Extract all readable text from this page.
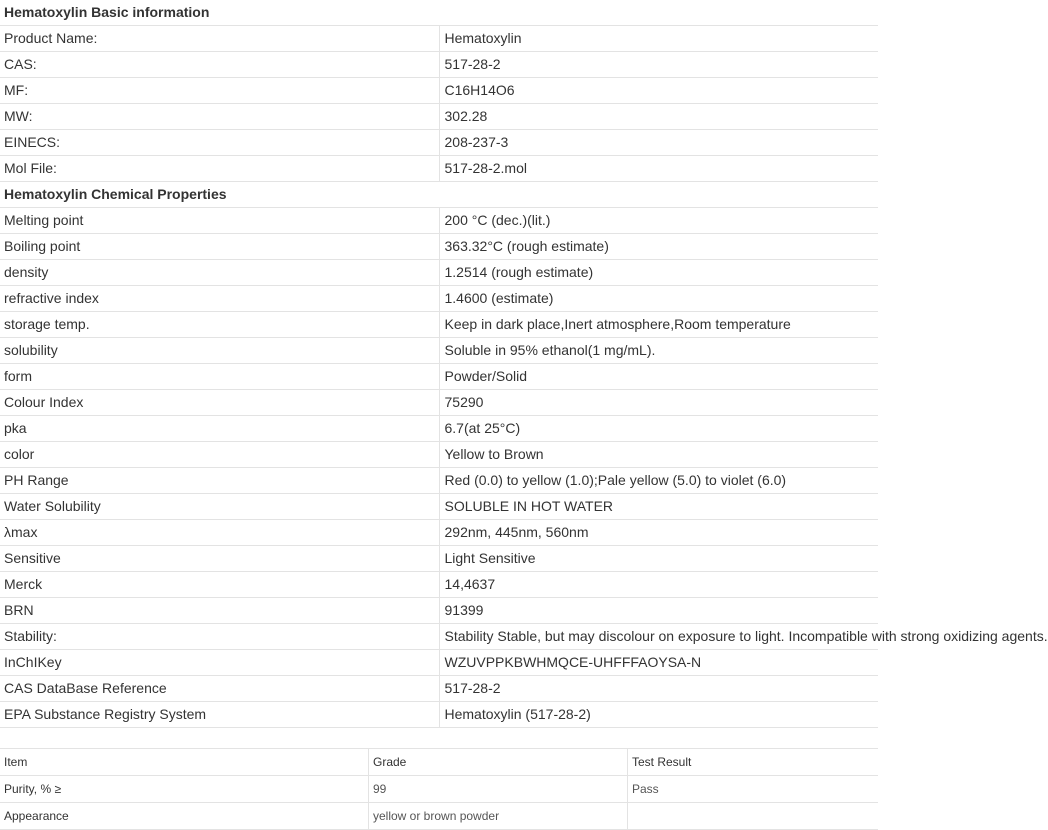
Hematoxylin Basic information	
Product Name:	Hematoxylin
CAS:	517-28-2
MF:	C16H14O6
MW:	302.28
EINECS:	208-237-3
Mol File:	517-28-2.mol
Hematoxylin Chemical Properties	
Melting point	200 °C (dec.)(lit.)
Boiling point	363.32°C (rough estimate)
density	1.2514 (rough estimate)
refractive index	1.4600 (estimate)
storage temp.	Keep in dark place,Inert atmosphere,Room temperature
solubility	Soluble in 95% ethanol(1 mg/mL).
form	Powder/Solid
Colour Index	75290
pka	6.7(at 25°C)
color	Yellow to Brown
PH Range	Red (0.0) to yellow (1.0);Pale yellow (5.0) to violet (6.0)
Water Solubility	SOLUBLE IN HOT WATER
λmax	292nm, 445nm, 560nm
Sensitive	Light Sensitive
Merck	14,4637
BRN	91399
Stability:	Stability Stable, but may discolour on exposure to light. Incompatible with strong oxidizing agents.
InChIKey	WZUVPPKBWHMQCE-UHFFFAOYSA-N
CAS DataBase Reference	517-28-2
EPA Substance Registry System	Hematoxylin (517-28-2)
Item	Grade	Test Result
Purity, % ≥	99	Pass
Appearance	yellow or brown powder	
